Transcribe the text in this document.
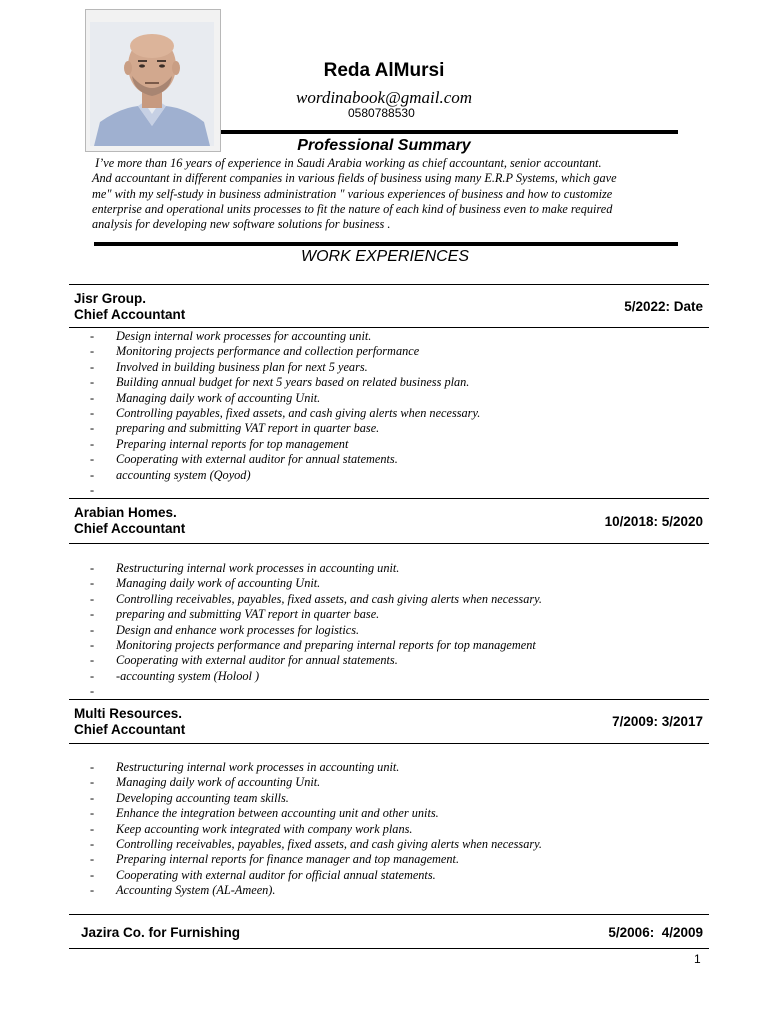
Reda AlMursi
wordinabook@gmail.com
0580788530
Professional Summary
I’ve more than 16 years of experience in Saudi Arabia working as chief accountant, senior accountant.
And accountant in different companies in various fields of business using many E.R.P Systems, which gave
me" with my self-study in business administration " various experiences of business and how to customize
enterprise and operational units processes to fit the nature of each kind of business even to make required
analysis for developing new software solutions for business .
WORK EXPERIENCES
Jisr Group.
Chief Accountant
5/2022: Date
- Design internal work processes for accounting unit.
- Monitoring projects performance and collection performance
- Involved in building business plan for next 5 years.
- Building annual budget for next 5 years based on related business plan.
- Managing daily work of accounting Unit.
- Controlling payables, fixed assets, and cash giving alerts when necessary.
- preparing and submitting VAT report in quarter base.
- Preparing internal reports for top management
- Cooperating with external auditor for annual statements.
- accounting system (Qoyod)
-

Arabian Homes.
Chief Accountant	10/2018: 5/2020
- Restructuring internal work processes in accounting unit.
- Managing daily work of accounting Unit.
- Controlling receivables, payables, fixed assets, and cash giving alerts when necessary.
- preparing and submitting VAT report in quarter base.
- Design and enhance work processes for logistics.
- Monitoring projects performance and preparing internal reports for top management
- Cooperating with external auditor for annual statements.
- -accounting system (Holool )
-

Multi Resources.
Chief Accountant
7/2009: 3/2017
- Restructuring internal work processes in accounting unit.
- Managing daily work of accounting Unit.
- Developing accounting team skills.
- Enhance the integration between accounting unit and other units.
- Keep accounting work integrated with company work plans.
- Controlling receivables, payables, fixed assets, and cash giving alerts when necessary.
- Preparing internal reports for finance manager and top management.
- Cooperating with external auditor for official annual statements.
- Accounting System (AL-Ameen).
Jazira Co. for Furnishing	5/2006:  4/2009
1
